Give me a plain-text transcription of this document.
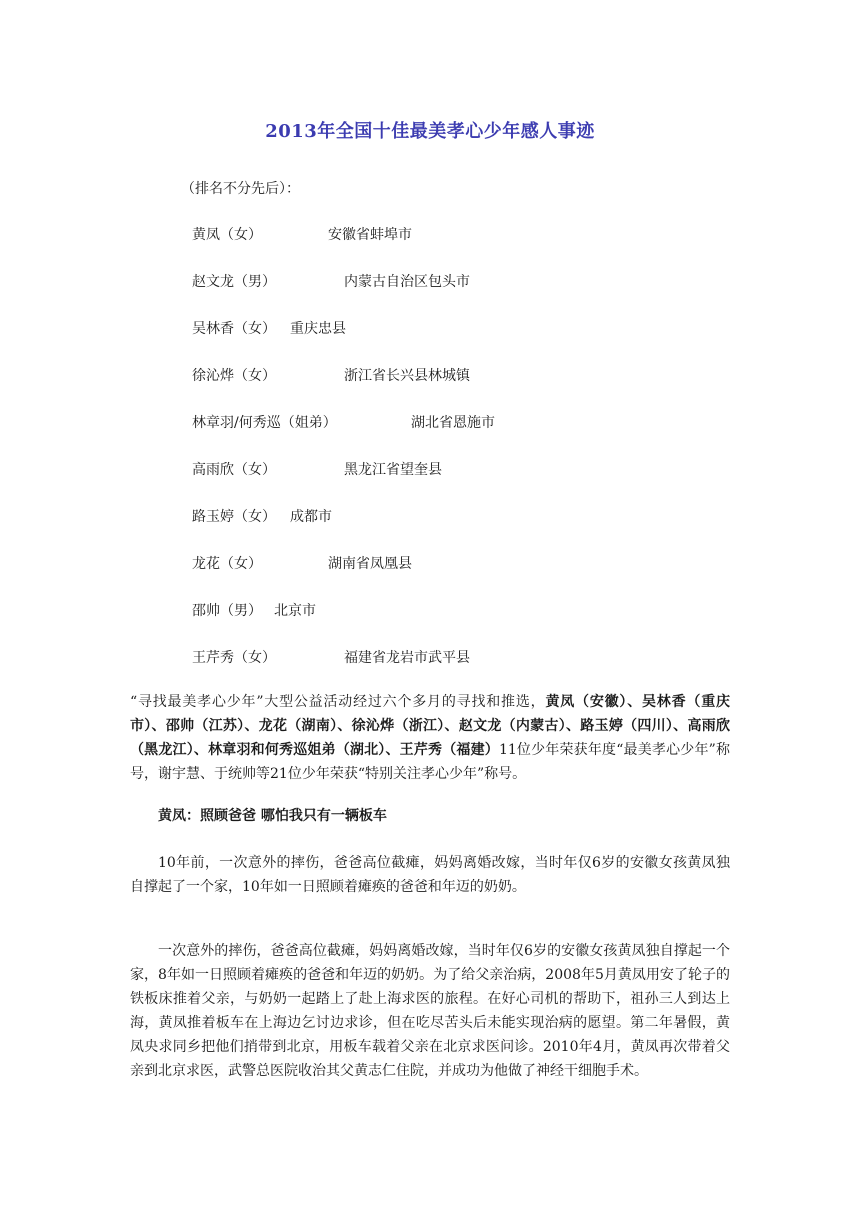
2013年全国十佳最美孝心少年感人事迹
（排名不分先后）：
黄凤（女）	安徽省蚌埠市
赵文龙（男）	内蒙古自治区包头市
吴林香（女）	重庆忠县
徐沁烨（女）	浙江省长兴县林城镇
林章羽/何秀巡（姐弟）	湖北省恩施市
高雨欣（女）	黑龙江省望奎县
路玉婷（女）	成都市
龙花（女）	湖南省凤凰县
邵帅（男） 北京市
王芹秀（女）	福建省龙岩市武平县
“寻找最美孝心少年”大型公益活动经过六个多月的寻找和推选，黄凤（安徽）、吴林香（重庆市）、邵帅（江苏）、龙花（湖南）、徐沁烨（浙江）、赵文龙（内蒙古）、路玉婷（四川）、高雨欣（黑龙江）、林章羽和何秀巡姐弟（湖北）、王芹秀（福建）11位少年荣获年度“最美孝心少年”称号，谢宇慧、于统帅等21位少年荣获“特别关注孝心少年”称号。
黄凤：照顾爸爸 哪怕我只有一辆板车
10年前，一次意外的摔伤，爸爸高位截瘫，妈妈离婚改嫁，当时年仅6岁的安徽女孩黄凤独自撑起了一个家，10年如一日照顾着瘫痪的爸爸和年迈的奶奶。
一次意外的摔伤，爸爸高位截瘫，妈妈离婚改嫁，当时年仅6岁的安徽女孩黄凤独自撑起一个家，8年如一日照顾着瘫痪的爸爸和年迈的奶奶。为了给父亲治病，2008年5月黄凤用安了轮子的铁板床推着父亲，与奶奶一起踏上了赴上海求医的旅程。在好心司机的帮助下，祖孙三人到达上海，黄凤推着板车在上海边乞讨边求诊，但在吃尽苦头后未能实现治病的愿望。第二年暑假，黄凤央求同乡把他们捎带到北京，用板车载着父亲在北京求医问诊。2010年4月，黄凤再次带着父亲到北京求医，武警总医院收治其父黄志仁住院，并成功为他做了神经干细胞手术。
